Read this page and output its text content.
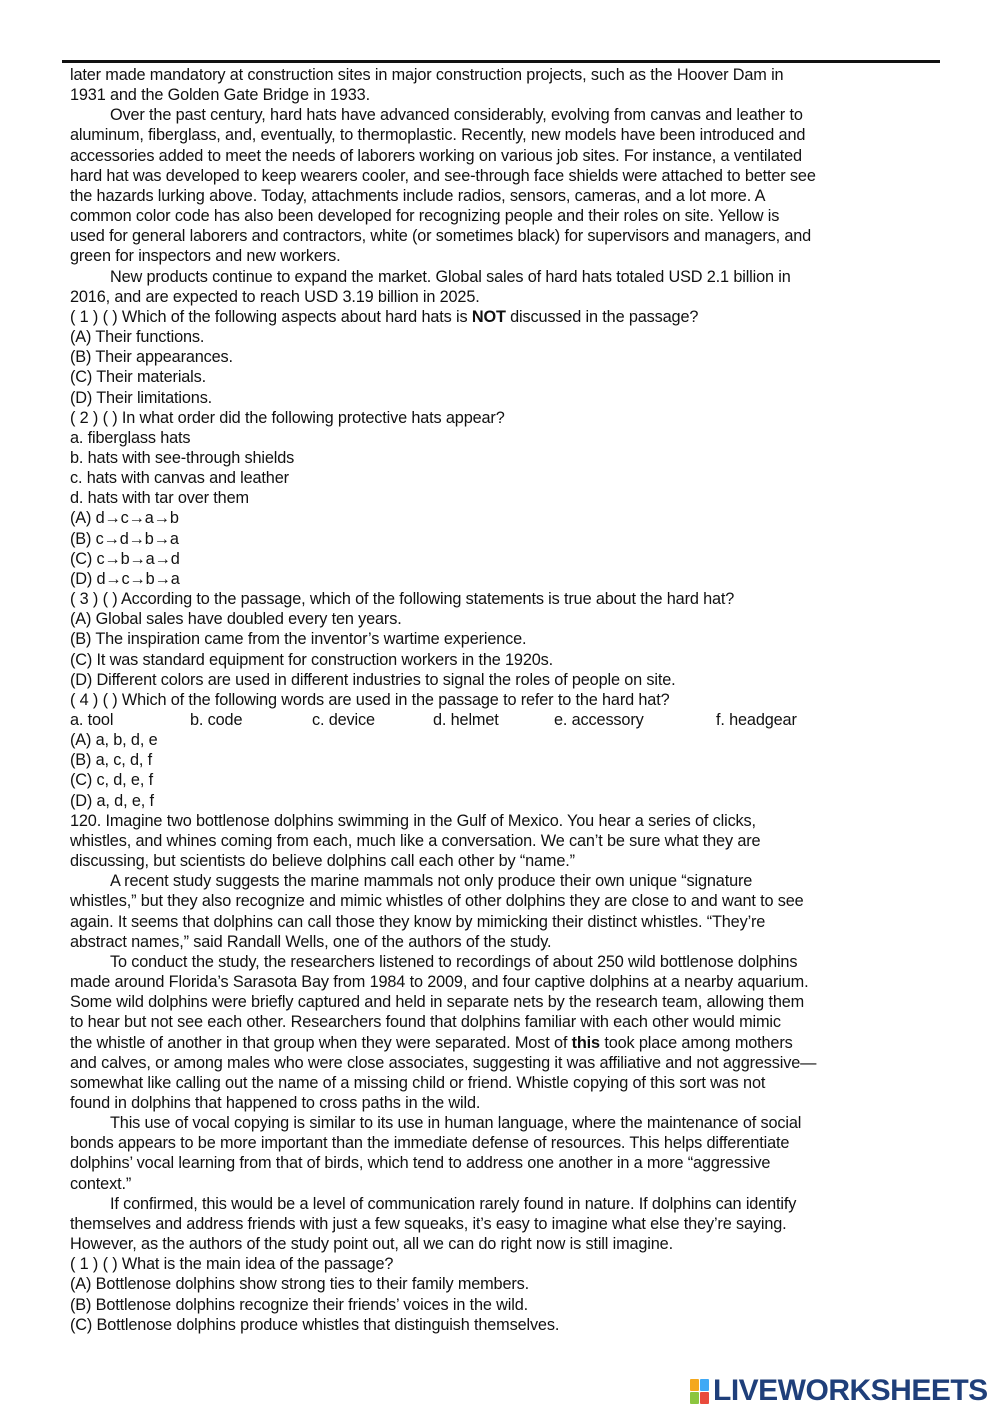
later made mandatory at construction sites in major construction projects, such as the Hoover Dam in
1931 and the Golden Gate Bridge in 1933.
Over the past century, hard hats have advanced considerably, evolving from canvas and leather to
aluminum, fiberglass, and, eventually, to thermoplastic. Recently, new models have been introduced and
accessories added to meet the needs of laborers working on various job sites. For instance, a ventilated
hard hat was developed to keep wearers cooler, and see-through face shields were attached to better see
the hazards lurking above. Today, attachments include radios, sensors, cameras, and a lot more. A
common color code has also been developed for recognizing people and their roles on site. Yellow is
used for general laborers and contractors, white (or sometimes black) for supervisors and managers, and
green for inspectors and new workers.
New products continue to expand the market. Global sales of hard hats totaled USD 2.1 billion in
2016, and are expected to reach USD 3.19 billion in 2025.
( 1 ) ( ) Which of the following aspects about hard hats is NOT discussed in the passage?
(A) Their functions.
(B) Their appearances.
(C) Their materials.
(D) Their limitations.
( 2 ) ( ) In what order did the following protective hats appear?
a. fiberglass hats
b. hats with see-through shields
c. hats with canvas and leather
d. hats with tar over them
(A) d→c→a→b
(B) c→d→b→a
(C) c→b→a→d
(D) d→c→b→a
( 3 ) ( ) According to the passage, which of the following statements is true about the hard hat?
(A) Global sales have doubled every ten years.
(B) The inspiration came from the inventor’s wartime experience.
(C) It was standard equipment for construction workers in the 1920s.
(D) Different colors are used in different industries to signal the roles of people on site.
( 4 ) ( ) Which of the following words are used in the passage to refer to the hard hat?
a. tool	b. code	c. device	d. helmet	e. accessory	f. headgear
(A) a, b, d, e
(B) a, c, d, f
(C) c, d, e, f
(D) a, d, e, f
120. Imagine two bottlenose dolphins swimming in the Gulf of Mexico. You hear a series of clicks,
whistles, and whines coming from each, much like a conversation. We can’t be sure what they are
discussing, but scientists do believe dolphins call each other by “name.”
A recent study suggests the marine mammals not only produce their own unique “signature
whistles,” but they also recognize and mimic whistles of other dolphins they are close to and want to see
again. It seems that dolphins can call those they know by mimicking their distinct whistles. “They’re
abstract names,” said Randall Wells, one of the authors of the study.
To conduct the study, the researchers listened to recordings of about 250 wild bottlenose dolphins
made around Florida’s Sarasota Bay from 1984 to 2009, and four captive dolphins at a nearby aquarium.
Some wild dolphins were briefly captured and held in separate nets by the research team, allowing them
to hear but not see each other. Researchers found that dolphins familiar with each other would mimic
the whistle of another in that group when they were separated. Most of this took place among mothers
and calves, or among males who were close associates, suggesting it was affiliative and not aggressive—
somewhat like calling out the name of a missing child or friend. Whistle copying of this sort was not
found in dolphins that happened to cross paths in the wild.
This use of vocal copying is similar to its use in human language, where the maintenance of social
bonds appears to be more important than the immediate defense of resources. This helps differentiate
dolphins’ vocal learning from that of birds, which tend to address one another in a more “aggressive
context.”
If confirmed, this would be a level of communication rarely found in nature. If dolphins can identify
themselves and address friends with just a few squeaks, it’s easy to imagine what else they’re saying.
However, as the authors of the study point out, all we can do right now is still imagine.
( 1 ) ( ) What is the main idea of the passage?
(A) Bottlenose dolphins show strong ties to their family members.
(B) Bottlenose dolphins recognize their friends’ voices in the wild.
(C) Bottlenose dolphins produce whistles that distinguish themselves.
LIVEWORKSHEETS
